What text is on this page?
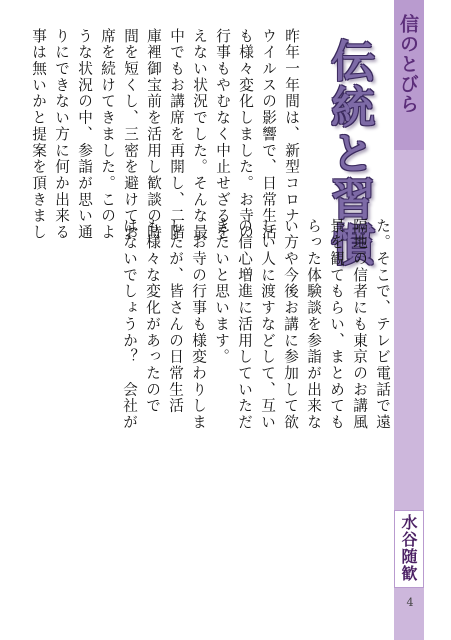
信のとびら
水谷随歓
4
伝統と習慣
昨年一年間は、新型コロナ
ウイルスの影響で、日常生活
も様々変化しました。お寺の
行事もやむなく中止せざるを
えない状況でした。そんな最
中でもお講席を再開し、二階
庫裡御宝前を活用し歓談の時
間を短くし、三密を避けてお
席を続けてきました。このよ
うな状況の中、参詣が思い通
りにできない方に何か出来る
事は無いかと提案を頂きまし
た。そこで、テレビ電話で遠
隔地の信者にも東京のお講風
景を観てもらい、まとめても
らった体験談を参詣が出来な
い方や今後お講に参加して欲
しい人に渡すなどして、互い
の信心増進に活用していただ
きたいと思います。
　お寺の行事も様変わりしま
したが、皆さんの日常生活
も様々な変化があったので
はないでしょうか？　会社が
